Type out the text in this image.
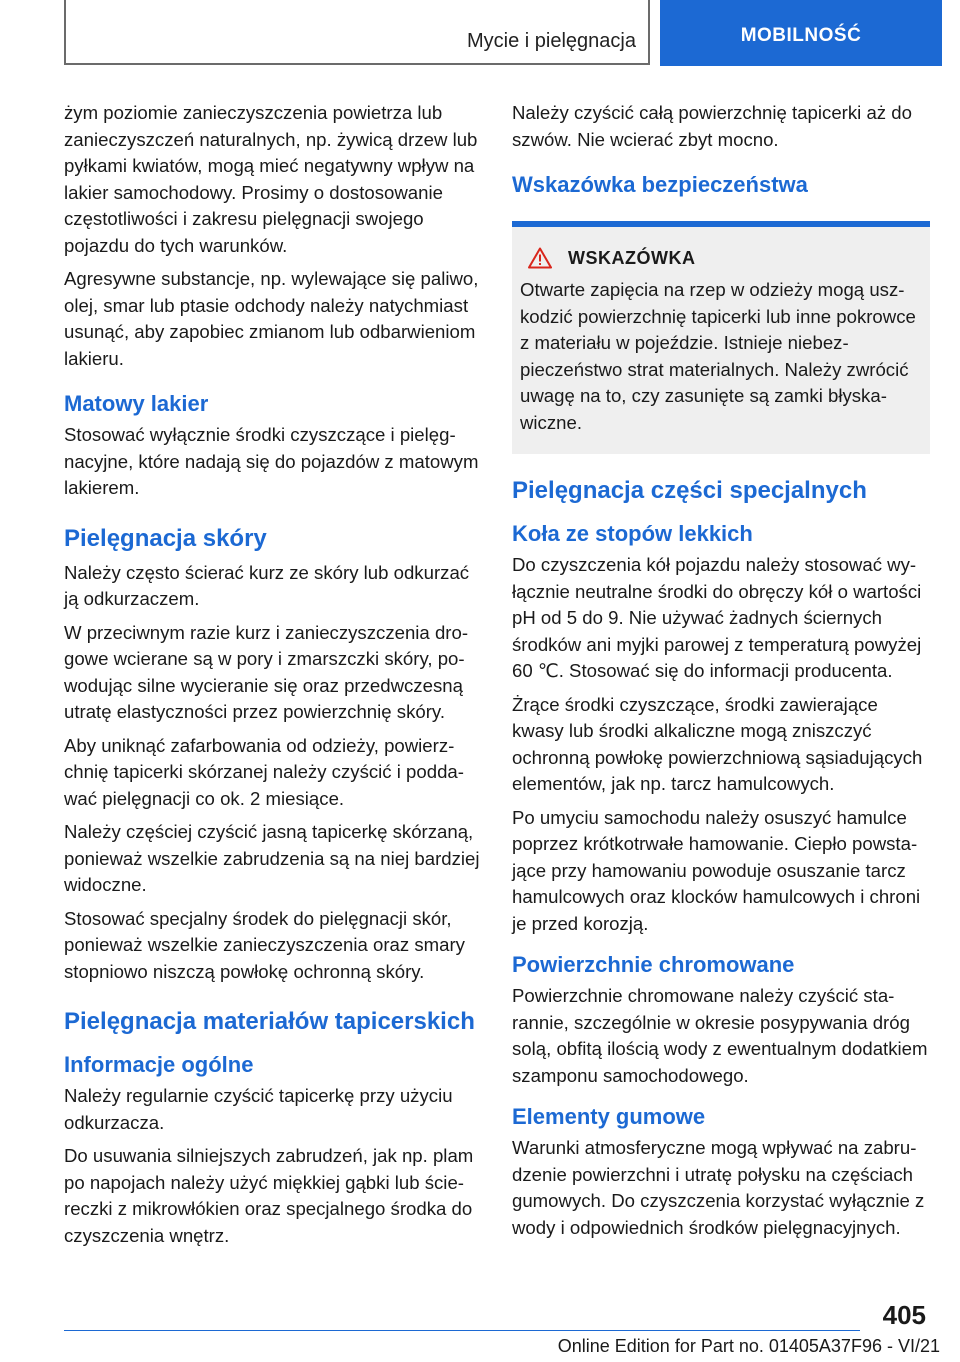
Mycie i pielęgnacja	MOBILNOŚĆ

żym poziomie zanieczyszczenia powietrza lub zanieczyszczeń naturalnych, np. żywicą drzew lub pyłkami kwiatów, mogą mieć negatywny wpływ na lakier samochodowy. Prosimy o dostosowanie częstotliwości i zakresu pielęgnacji swojego pojazdu do tych warunków.

Agresywne substancje, np. wylewające się paliwo, olej, smar lub ptasie odchody należy natychmiast usunąć, aby zapobiec zmianom lub odbarwieniom lakieru.

Matowy lakier

Stosować wyłącznie środki czyszczące i pielęgnacyjne, które nadają się do pojazdów z matowym lakierem.

Pielęgnacja skóry

Należy często ścierać kurz ze skóry lub odkurzać ją odkurzaczem.

W przeciwnym razie kurz i zanieczyszczenia drogowe wcierane są w pory i zmarszczki skóry, powodując silne wycieranie się oraz przedwczesną utratę elastyczności przez powierzchnię skóry.

Aby uniknąć zafarbowania od odzieży, powierzchnię tapicerki skórzanej należy czyścić i poddawać pielęgnacji co ok. 2 miesiące.

Należy częściej czyścić jasną tapicerkę skórzaną, ponieważ wszelkie zabrudzenia są na niej bardziej widoczne.

Stosować specjalny środek do pielęgnacji skór, ponieważ wszelkie zanieczyszczenia oraz smary stopniowo niszczą powłokę ochronną skóry.

Pielęgnacja materiałów tapicerskich
Informacje ogólne

Należy regularnie czyścić tapicerkę przy użyciu odkurzacza.

Do usuwania silniejszych zabrudzeń, jak np. plam po napojach należy użyć miękkiej gąbki lub ściereczki z mikrowłókien oraz specjalnego środka do czyszczenia wnętrz.

Należy czyścić całą powierzchnię tapicerki aż do szwów. Nie wcierać zbyt mocno.

Wskazówka bezpieczeństwa
WSKAZÓWKA

Otwarte zapięcia na rzep w odzieży mogą uszkodzić powierzchnię tapicerki lub inne pokrowce z materiału w pojeździe. Istnieje niebezpieczeństwo strat materialnych. Należy zwrócić uwagę na to, czy zasunięte są zamki błyskawiczne.

Pielęgnacja części specjalnych
Koła ze stopów lekkich

Do czyszczenia kół pojazdu należy stosować wyłącznie neutralne środki do obręczy kół o wartości pH od 5 do 9. Nie używać żadnych ściernych środków ani myjki parowej z temperaturą powyżej 60 ℃. Stosować się do informacji producenta.

Żrące środki czyszczące, środki zawierające kwasy lub środki alkaliczne mogą zniszczyć ochronną powłokę powierzchniową sąsiadujących elementów, jak np. tarcz hamulcowych.

Po umyciu samochodu należy osuszyć hamulce poprzez krótkotrwałe hamowanie. Ciepło powstające przy hamowaniu powoduje osuszanie tarcz hamulcowych oraz klocków hamulcowych i chroni je przed korozją.

Powierzchnie chromowane

Powierzchnie chromowane należy czyścić starannie, szczególnie w okresie posypywania dróg solą, obfitą ilością wody z ewentualnym dodatkiem szamponu samochodowego.

Elementy gumowe

Warunki atmosferyczne mogą wpływać na zabrudzenie powierzchni i utratę połysku na częściach gumowych. Do czyszczenia korzystać wyłącznie z wody i odpowiednich środków pielęgnacyjnych.

405
Online Edition for Part no. 01405A37F96 - VI/21
